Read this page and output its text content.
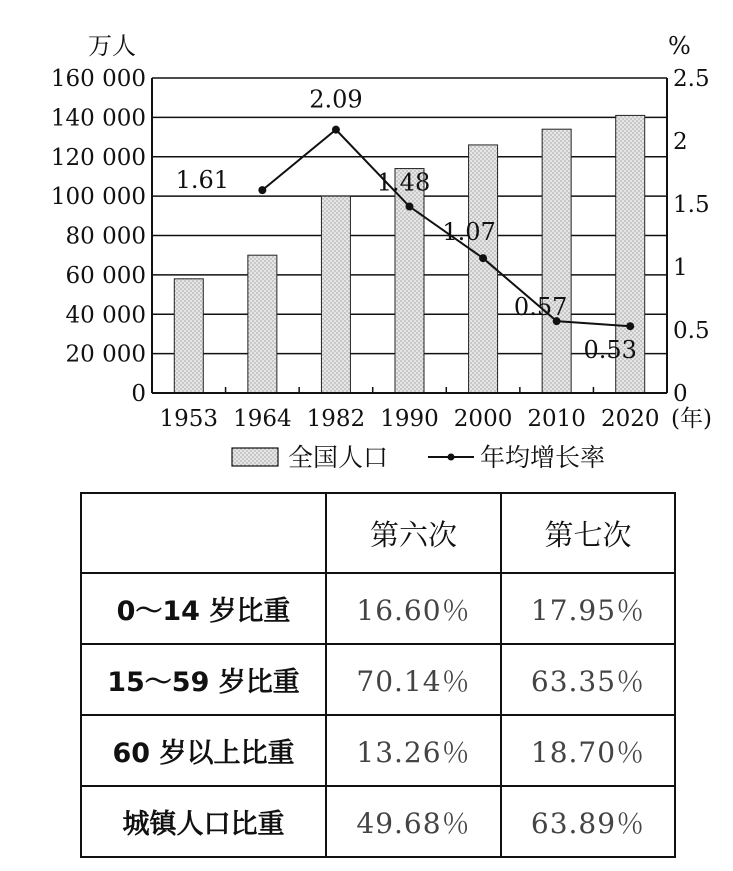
万人	%
0
20 000
40 000
60 000
80 000
100 000
120 000
140 000
160 000
0
0.5
1
1.5
2
2.5
1953 1964 1982 1990 2000 2010 2020 (年)
1.61
2.09
1.48
1.07
0.57
0.53
全国人口	年均增长率
	第六次	第七次
0～14 岁比重	16.60％	17.95％
15～59 岁比重	70.14％	63.35％
60 岁以上比重	13.26％	18.70％
城镇人口比重	49.68％	63.89％
